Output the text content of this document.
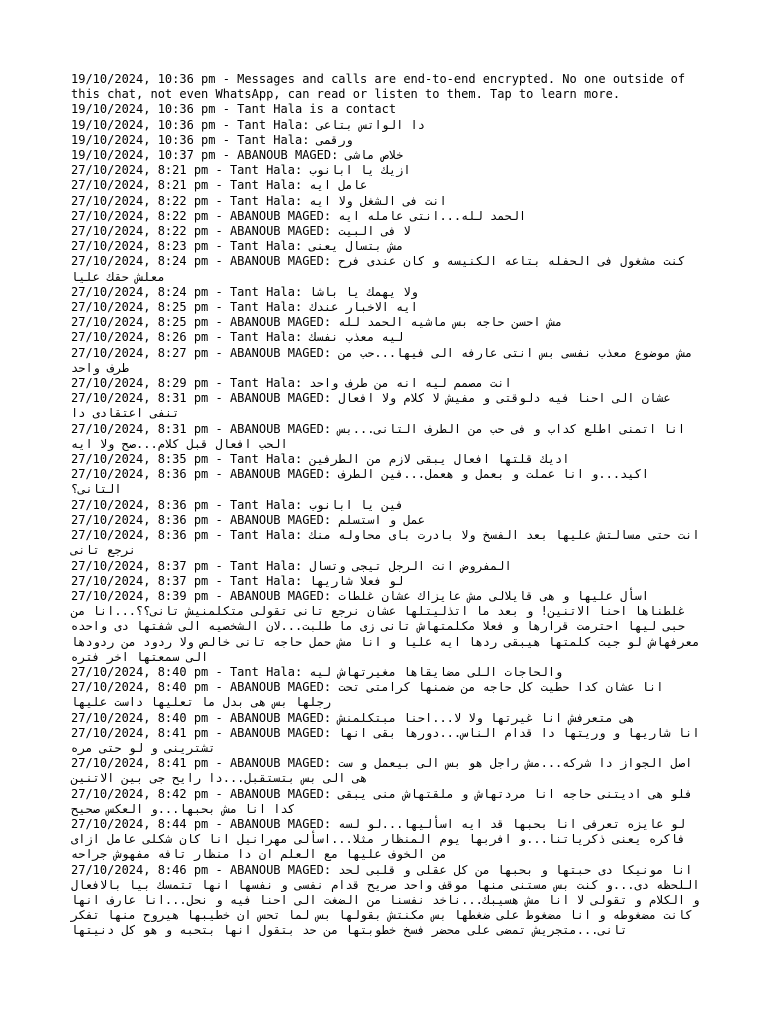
19/10/2024, 10:36 pm - Messages and calls are end-to-end encrypted. No one outside of this chat, not even WhatsApp, can read or listen to them. Tap to learn more.
19/10/2024, 10:36 pm - Tant Hala is a contact
19/10/2024, 10:36 pm - Tant Hala: دا الواتس بتاعى
19/10/2024, 10:36 pm - Tant Hala: ورقمى
19/10/2024, 10:37 pm - ABANOUB MAGED: خلاص ماشى
27/10/2024, 8:21 pm - Tant Hala: ازيك يا ابانوب
27/10/2024, 8:21 pm - Tant Hala: عامل ايه
27/10/2024, 8:22 pm - Tant Hala: انت فى الشغل ولا ايه
27/10/2024, 8:22 pm - ABANOUB MAGED: الحمد لله...انتى عامله ايه
27/10/2024, 8:22 pm - ABANOUB MAGED: لا فى البيت
27/10/2024, 8:23 pm - Tant Hala: مش بتسال يعنى
27/10/2024, 8:24 pm - ABANOUB MAGED: كنت مشغول فى الحفله بتاعه الكنيسه و كان عندى فرح معلش حقك عليا
27/10/2024, 8:24 pm - Tant Hala: ولا يهمك يا باشا
27/10/2024, 8:25 pm - Tant Hala: ايه الاخبار عندك
27/10/2024, 8:25 pm - ABANOUB MAGED: مش احسن حاجه بس ماشيه الحمد لله
27/10/2024, 8:26 pm - Tant Hala: ليه معذب نفسك
27/10/2024, 8:27 pm - ABANOUB MAGED: مش موضوع معذب نفسى بس انتى عارفه الى فيها...حب من طرف واحد
27/10/2024, 8:29 pm - Tant Hala: انت مصمم ليه انه من طرف واحد
27/10/2024, 8:31 pm - ABANOUB MAGED: عشان الى احنا فيه دلوقتى و مفيش لا كلام ولا افعال تنفى اعتقادى دا
27/10/2024, 8:31 pm - ABANOUB MAGED: انا اتمنى اطلع كداب و فى حب من الطرف التانى...بس الحب افعال قبل كلام...صح ولا ايه
27/10/2024, 8:35 pm - Tant Hala: اديك قلتها افعال يبقى لازم من الطرفين
27/10/2024, 8:36 pm - ABANOUB MAGED: اكيد...و انا عملت و بعمل و هعمل...فين الطرف التانى؟
27/10/2024, 8:36 pm - Tant Hala: فين يا ابانوب
27/10/2024, 8:36 pm - ABANOUB MAGED: عمل و استسلم
27/10/2024, 8:36 pm - Tant Hala: انت حتى مسالتش عليها بعد الفسخ ولا بادرت باى محاوله منك نرجع تانى
27/10/2024, 8:37 pm - Tant Hala: المفروض انت الرجل تيجى وتسال
27/10/2024, 8:37 pm - Tant Hala: لو فعلا شاريها
27/10/2024, 8:39 pm - ABANOUB MAGED: اسأل عليها و هى قايلالى مش عايزاك عشان غلطات غلطناها احنا الاتنين! و بعد ما اتذليتلها عشان نرجع تانى تقولى متكلمنيش تانى؟؟...انا من حبى ليها احترمت قرارها و فعلا مكلمتهاش تانى زى ما طلبت...لان الشخصيه الى شفتها دى واحده معرفهاش لو جيت كلمتها هيبقى ردها ايه عليا و انا مش حمل حاجه تانى خالص ولا ردود من ردودها الى سمعتها اخر فتره
27/10/2024, 8:40 pm - Tant Hala: والحاجات اللى مضايقاها مغيرتهاش ليه
27/10/2024, 8:40 pm - ABANOUB MAGED: انا عشان كدا حطيت كل حاجه من ضمنها كرامتى تحت رجلها بس هى بدل ما تعليها داست عليها
27/10/2024, 8:40 pm - ABANOUB MAGED: هى متعرفش انا غيرتها ولا لا...احنا مبتكلمنش
27/10/2024, 8:41 pm - ABANOUB MAGED: انا شاريها و وريتها دا قدام الناس...دورها بقى انها تشترينى و لو حتى مره
27/10/2024, 8:41 pm - ABANOUB MAGED: اصل الجواز دا شركه...مش راجل هو بس الى بيعمل و ست هى الى بس بتستقبل...دا رايح جى بين الاتنين
27/10/2024, 8:42 pm - ABANOUB MAGED: فلو هى اديتنى حاجه انا مردتهاش و ملقتهاش منى يبقى كدا انا مش بحبها...و العكس صحيح
27/10/2024, 8:44 pm - ABANOUB MAGED: لو عايزه تعرفى انا بحبها قد ايه اسأليها...لو لسه فاكره يعنى ذكرياتنا...و افربها يوم المنظار مثلا...اسألى مهرانيل انا كان شكلى عامل ازاى من الخوف عليها مع العلم ان دا منظار تافه مفهوش جراحه
27/10/2024, 8:46 pm - ABANOUB MAGED: انا مونيكا دى حبتها و بحبها من كل عقلى و قلبى لحد اللحظه دى...و كنت بس مستنى منها موقف واحد صريح قدام نفسى و نفسها انها تتمسك بيا بالافعال و الكلام و تقولى لا انا مش هسيبك...ناخد نفسنا من الضغت الى احنا فيه و نحل...انا عارف انها كانت مضغوطه و انا مضغوط على ضغطها بس مكنتش بقولها بس لما تحس ان خطيبها هيروح منها تفكر تانى...متجريش تمضى على محضر فسخ خطوبتها من حد بتقول انها بتحبه و هو كل دنيتها
